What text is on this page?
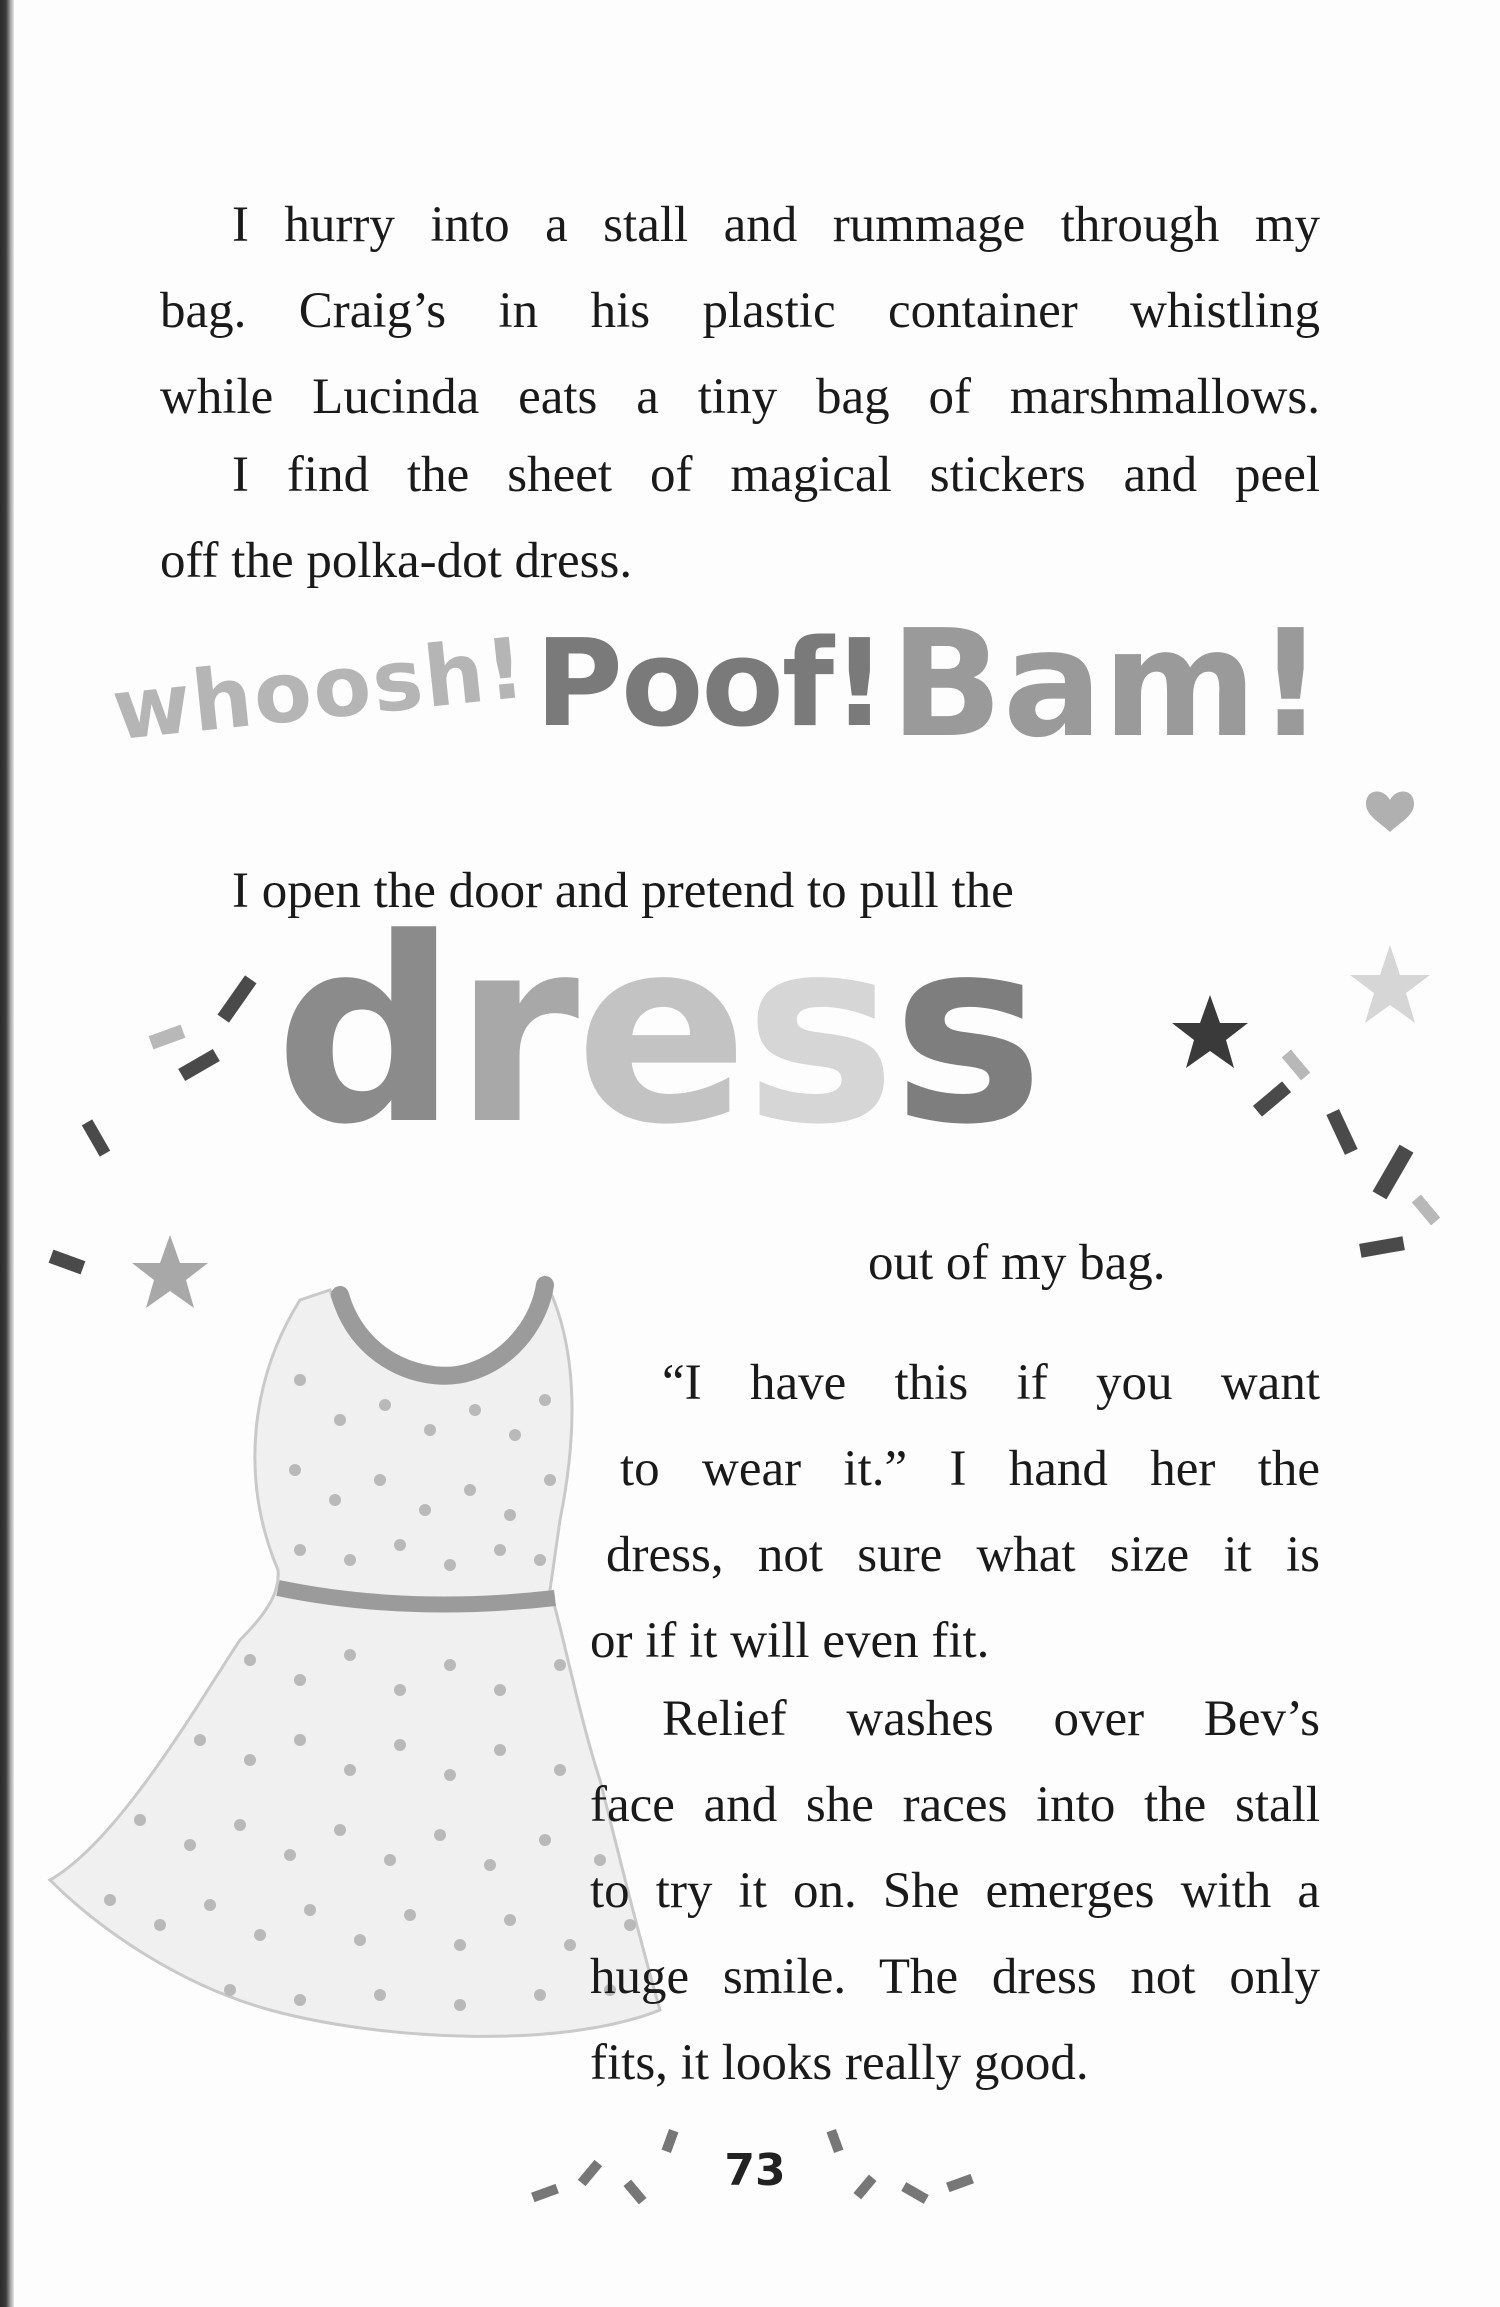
I hurry into a stall and rummage through my
bag. Craig’s in his plastic container whistling
while Lucinda eats a tiny bag of marshmallows.

I find the sheet of magical stickers and peel
off the polka-dot dress.

whoosh! Poof! Bam!
I open the door and pretend to pull the
dress
out of my bag.

“I have this if you want
to wear it.” I hand her the
dress, not sure what size it is
or if it will even fit.

Relief washes over Bev’s
face and she races into the stall
to try it on. She emerges with a
huge smile. The dress not only
fits, it looks really good.

73
